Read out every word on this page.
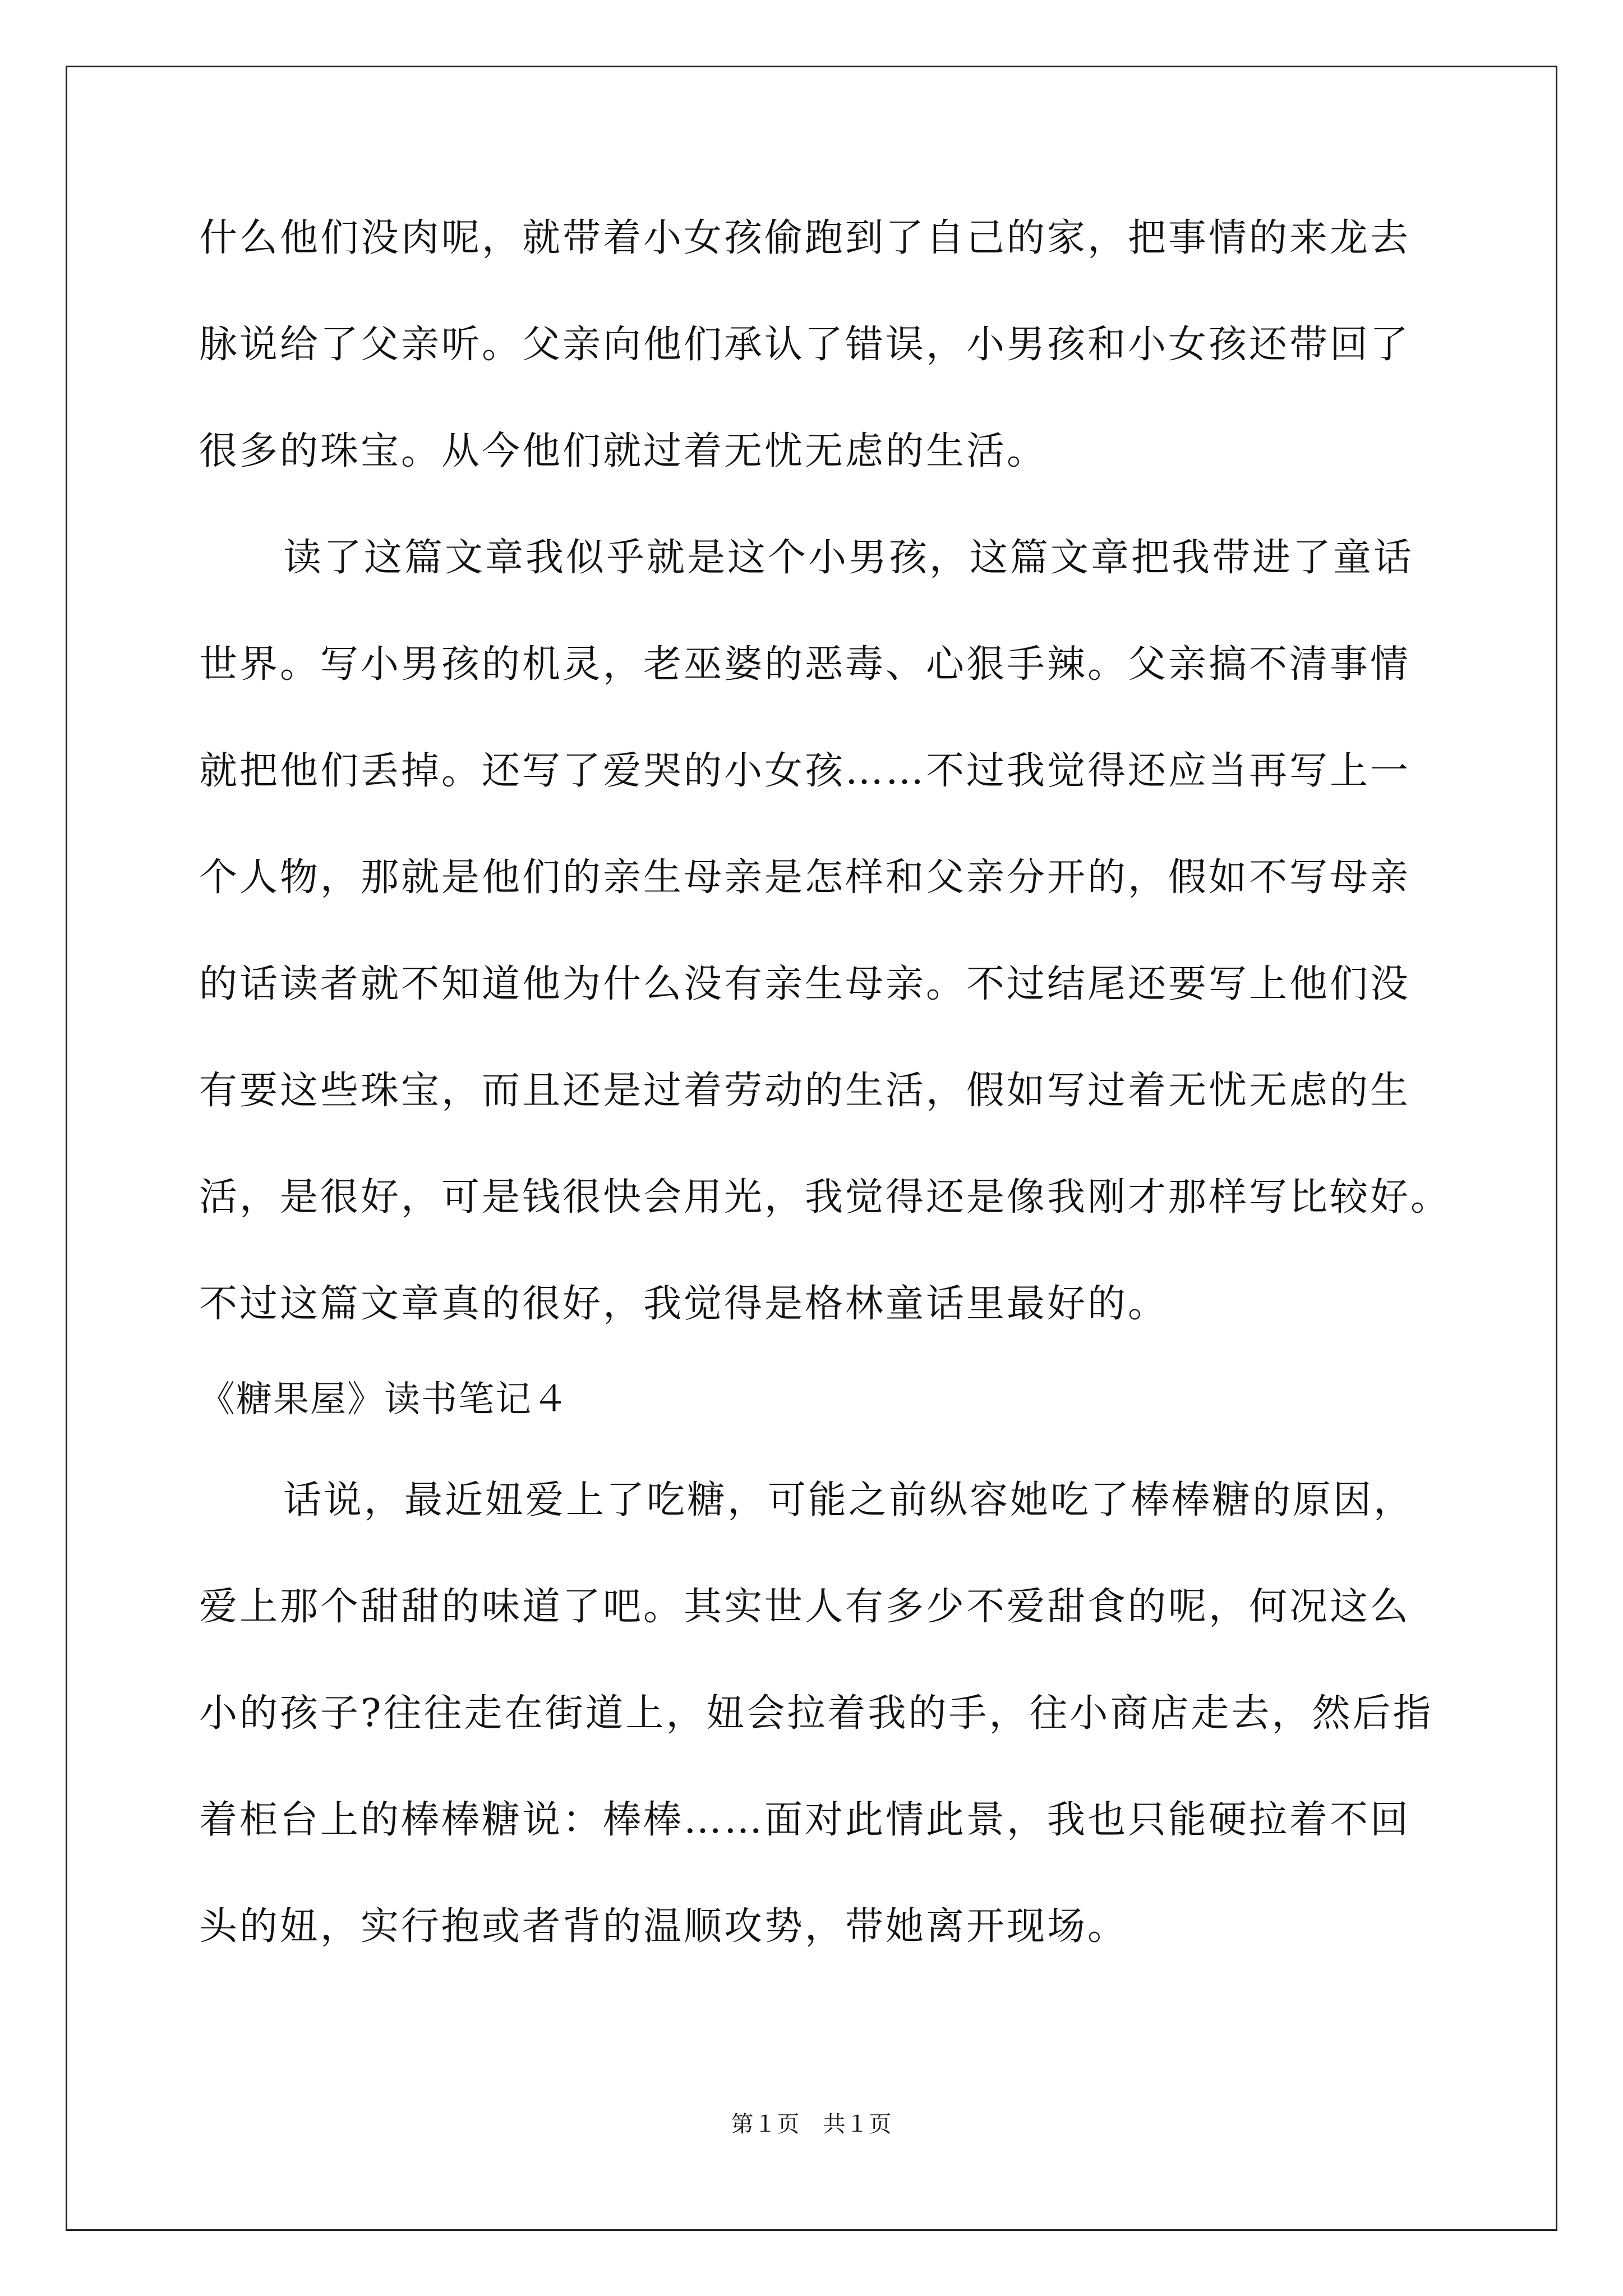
什么他们没肉呢，就带着小女孩偷跑到了自己的家，把事情的来龙去
脉说给了父亲听。父亲向他们承认了错误，小男孩和小女孩还带回了
很多的珠宝。从今他们就过着无忧无虑的生活。
读了这篇文章我似乎就是这个小男孩，这篇文章把我带进了童话
世界。写小男孩的机灵，老巫婆的恶毒、心狠手辣。父亲搞不清事情
就把他们丢掉。还写了爱哭的小女孩……不过我觉得还应当再写上一
个人物，那就是他们的亲生母亲是怎样和父亲分开的，假如不写母亲
的话读者就不知道他为什么没有亲生母亲。不过结尾还要写上他们没
有要这些珠宝，而且还是过着劳动的生活，假如写过着无忧无虑的生
活，是很好，可是钱很快会用光，我觉得还是像我刚才那样写比较好。
不过这篇文章真的很好，我觉得是格林童话里最好的。
《糖果屋》读书笔记４
话说，最近妞爱上了吃糖，可能之前纵容她吃了棒棒糖的原因，
爱上那个甜甜的味道了吧。其实世人有多少不爱甜食的呢，何况这么
小的孩子?往往走在街道上，妞会拉着我的手，往小商店走去，然后指
着柜台上的棒棒糖说：棒棒……面对此情此景，我也只能硬拉着不回
头的妞，实行抱或者背的温顺攻势，带她离开现场。
第１页　共１页
